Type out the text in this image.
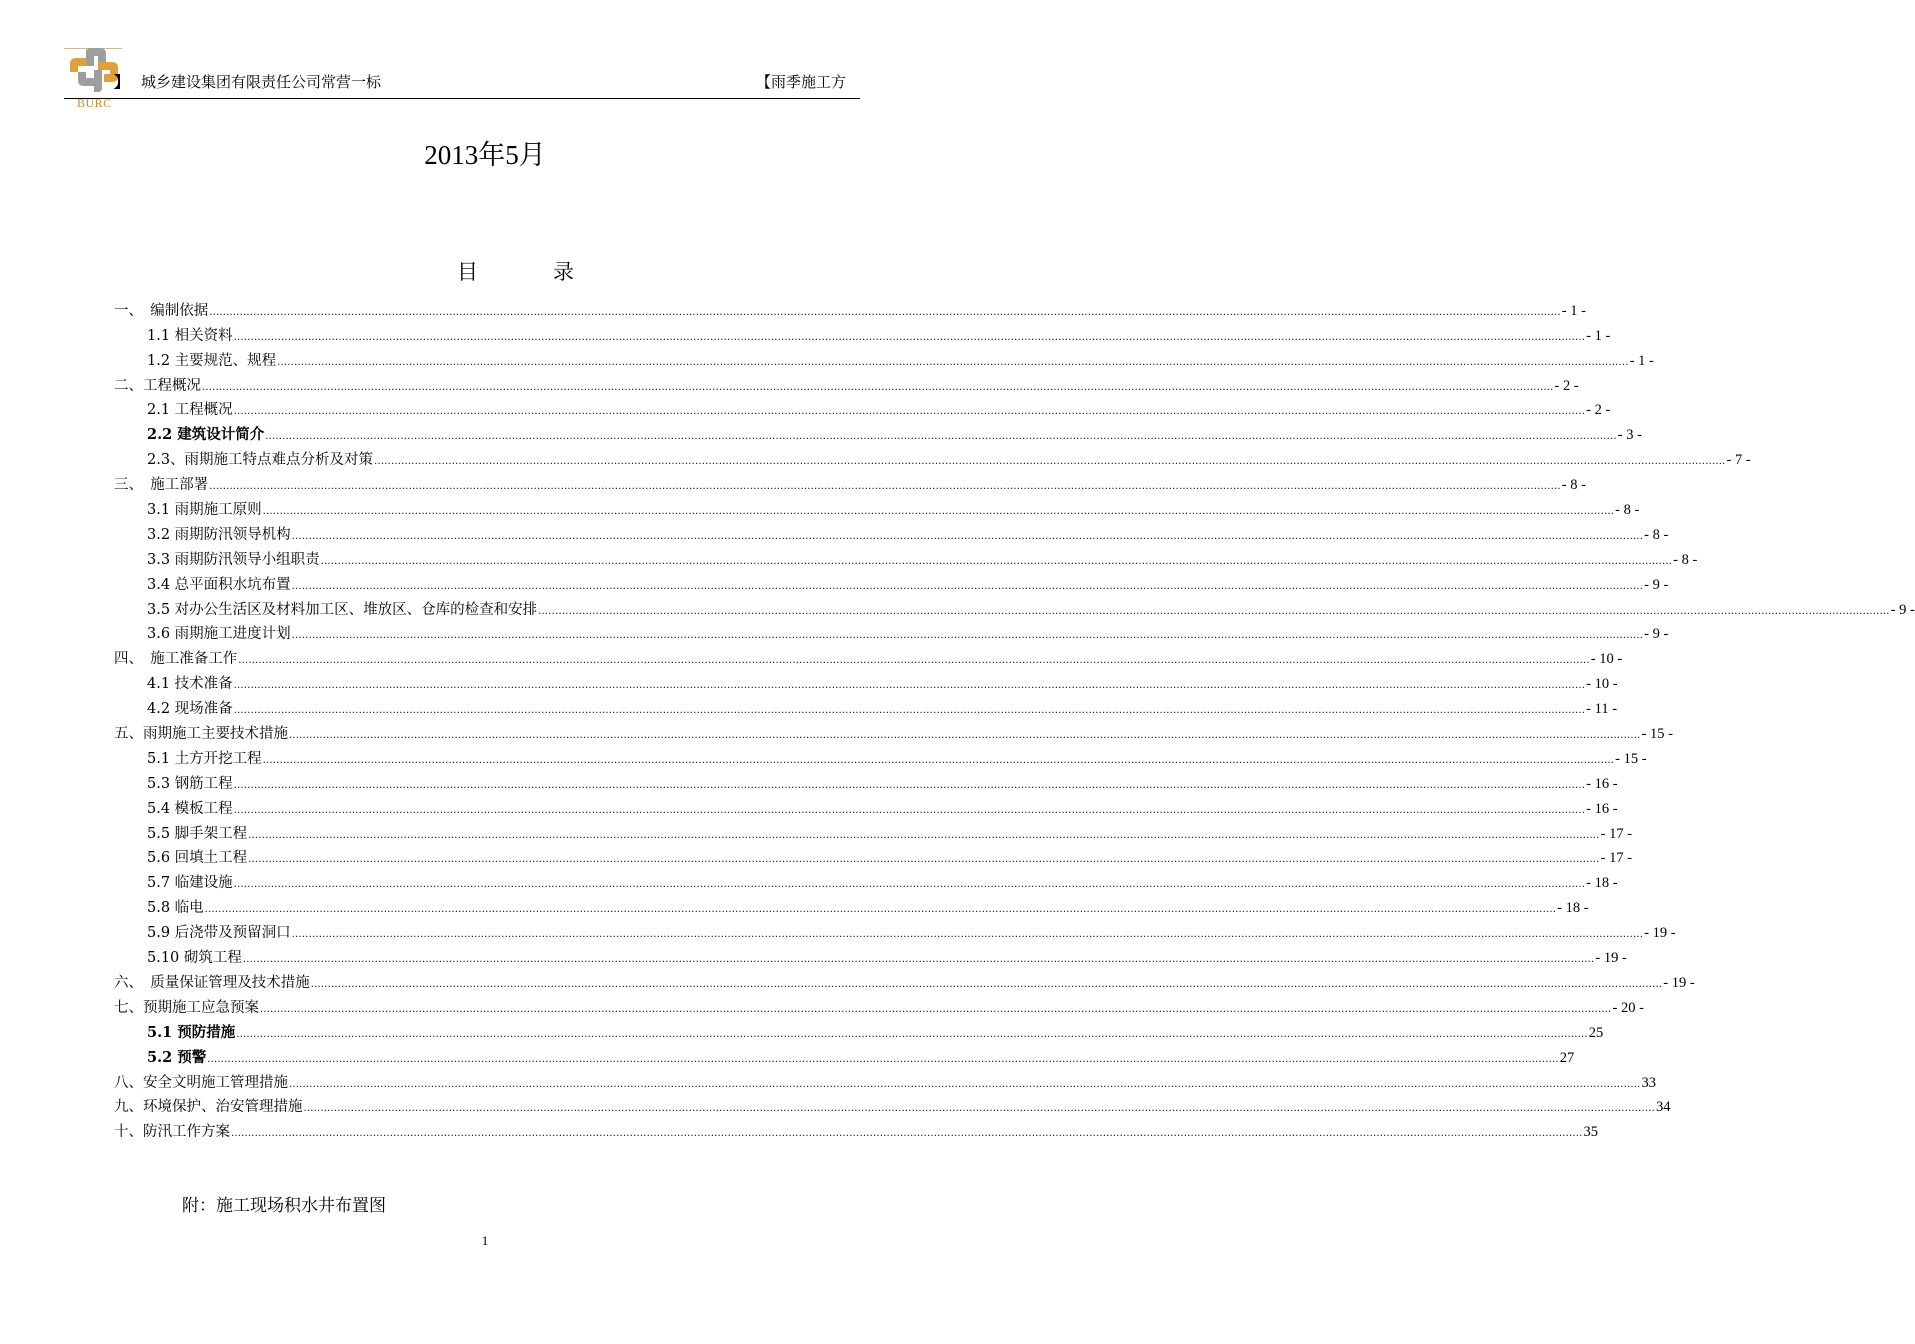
BURC
】 城乡建设集团有限责任公司常营一标	【雨季施工方
2013年5月
目	录
一、　编制依据 ................................................................................................................................................................................................................................................................................................................................................................................................................ - 1 -
1.1 相关资料 ................................................................................................................................................................................................................................................................................................................................................................................................................ - 1 -
1.2 主要规范、规程 ................................................................................................................................................................................................................................................................................................................................................................................................................ - 1 -
二、工程概况 ................................................................................................................................................................................................................................................................................................................................................................................................................ - 2 -
2.1 工程概况 ................................................................................................................................................................................................................................................................................................................................................................................................................ - 2 -
2.2 建筑设计简介 ................................................................................................................................................................................................................................................................................................................................................................................................................ - 3 -
2.3、雨期施工特点难点分析及对策 ................................................................................................................................................................................................................................................................................................................................................................................................................ - 7 -
三、　施工部署 ................................................................................................................................................................................................................................................................................................................................................................................................................ - 8 -
3.1 雨期施工原则 ................................................................................................................................................................................................................................................................................................................................................................................................................ - 8 -
3.2 雨期防汛领导机构 ................................................................................................................................................................................................................................................................................................................................................................................................................ - 8 -
3.3 雨期防汛领导小组职责 ................................................................................................................................................................................................................................................................................................................................................................................................................ - 8 -
3.4 总平面积水坑布置 ................................................................................................................................................................................................................................................................................................................................................................................................................ - 9 -
3.5 对办公生活区及材料加工区、堆放区、仓库的检查和安排 ................................................................................................................................................................................................................................................................................................................................................................................................................ - 9 -
3.6 雨期施工进度计划 ................................................................................................................................................................................................................................................................................................................................................................................................................ - 9 -
四、　施工准备工作 ................................................................................................................................................................................................................................................................................................................................................................................................................ - 10 -
4.1 技术准备 ................................................................................................................................................................................................................................................................................................................................................................................................................ - 10 -
4.2 现场准备 ................................................................................................................................................................................................................................................................................................................................................................................................................ - 11 -
五、雨期施工主要技术措施 ................................................................................................................................................................................................................................................................................................................................................................................................................ - 15 -
5.1 土方开挖工程 ................................................................................................................................................................................................................................................................................................................................................................................................................ - 15 -
5.3 钢筋工程 ................................................................................................................................................................................................................................................................................................................................................................................................................ - 16 -
5.4 模板工程 ................................................................................................................................................................................................................................................................................................................................................................................................................ - 16 -
5.5 脚手架工程 ................................................................................................................................................................................................................................................................................................................................................................................................................ - 17 -
5.6 回填土工程 ................................................................................................................................................................................................................................................................................................................................................................................................................ - 17 -
5.7 临建设施 ................................................................................................................................................................................................................................................................................................................................................................................................................ - 18 -
5.8 临电 ................................................................................................................................................................................................................................................................................................................................................................................................................ - 18 -
5.9 后浇带及预留洞口 ................................................................................................................................................................................................................................................................................................................................................................................................................ - 19 -
5.10 砌筑工程 ................................................................................................................................................................................................................................................................................................................................................................................................................ - 19 -
六、　质量保证管理及技术措施 ................................................................................................................................................................................................................................................................................................................................................................................................................ - 19 -
七、预期施工应急预案 ................................................................................................................................................................................................................................................................................................................................................................................................................ - 20 -
5.1 预防措施 ................................................................................................................................................................................................................................................................................................................................................................................................................ 25
5.2 预警 ................................................................................................................................................................................................................................................................................................................................................................................................................ 27
八、安全文明施工管理措施 ................................................................................................................................................................................................................................................................................................................................................................................................................ 33
九、环境保护、治安管理措施 ................................................................................................................................................................................................................................................................................................................................................................................................................ 34
十、防汛工作方案 ................................................................................................................................................................................................................................................................................................................................................................................................................ 35
附：施工现场积水井布置图
1
